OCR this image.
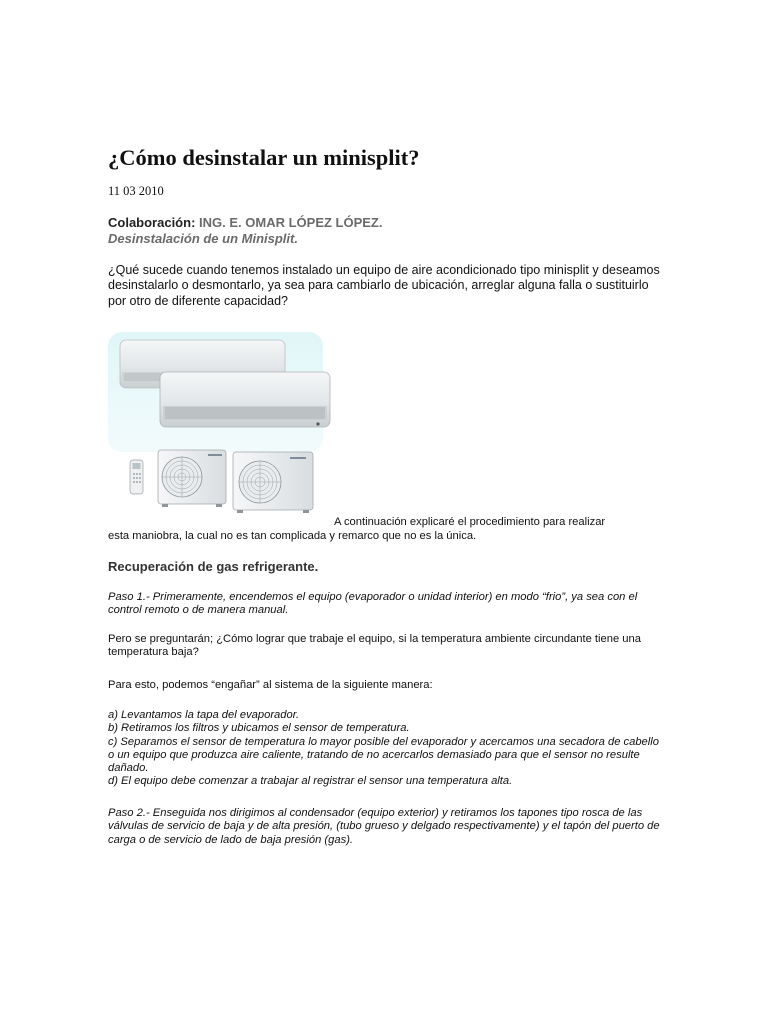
¿Cómo desinstalar un minisplit?
11 03 2010
Colaboración: ING. E. OMAR LÓPEZ LÓPEZ.
Desinstalación de un Minisplit.

¿Qué sucede cuando tenemos instalado un equipo de aire acondicionado tipo minisplit y deseamos desinstalarlo o desmontarlo, ya sea para cambiarlo de ubicación, arreglar alguna falla o sustituirlo por otro de diferente capacidad?

A continuación explicaré el procedimiento para realizar
esta maniobra, la cual no es tan complicada y remarco que no es la única.
Recuperación de gas refrigerante.

Paso 1.- Primeramente, encendemos el equipo (evaporador o unidad interior) en modo “frio”, ya sea con el control remoto o de manera manual.

Pero se preguntarán; ¿Cómo lograr que trabaje el equipo, si la temperatura ambiente circundante tiene una temperatura baja?

Para esto, podemos “engañar” al sistema de la siguiente manera:

a) Levantamos la tapa del evaporador.
b) Retiramos los filtros y ubicamos el sensor de temperatura.
c) Separamos el sensor de temperatura lo mayor posible del evaporador y acercamos una secadora de cabello o un equipo que produzca aire caliente, tratando de no acercarlos demasiado para que el sensor no resulte dañado.
d) El equipo debe comenzar a trabajar al registrar el sensor una temperatura alta.

Paso 2.- Enseguida nos dirigimos al condensador (equipo exterior) y retiramos los tapones tipo rosca de las válvulas de servicio de baja y de alta presión, (tubo grueso y delgado respectivamente) y el tapón del puerto de carga o de servicio de lado de baja presión (gas).
